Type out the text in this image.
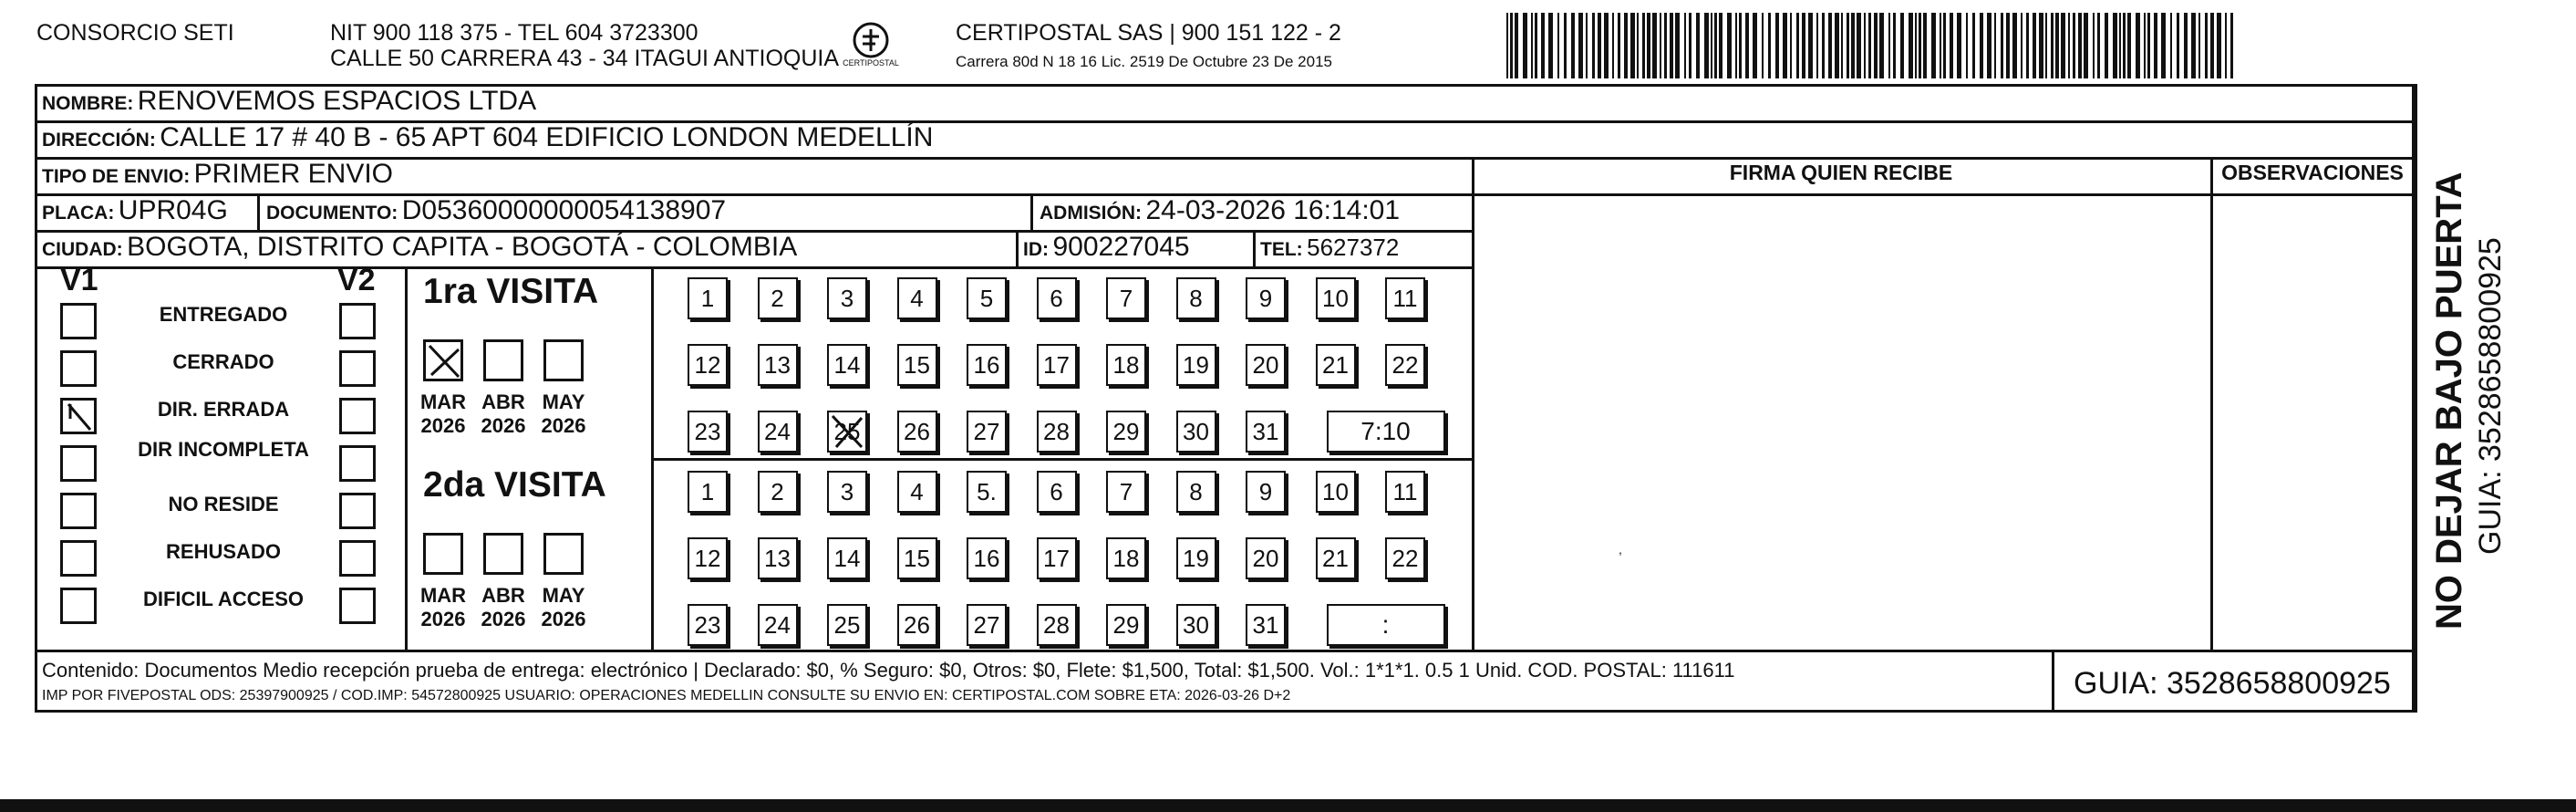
CONSORCIO SETI	NIT 900 118 375 - TEL 604 3723300
CALLE 50 CARRERA 43 - 34 ITAGUI ANTIOQUIA CERTIPOSTAL
CERTIPOSTAL SAS | 900 151 122 - 2
Carrera 80d N 18 16 Lic. 2519 De Octubre 23 De 2015
NOMBRE: RENOVEMOS ESPACIOS LTDA
DIRECCIÓN: CALLE 17 # 40 B - 65 APT 604 EDIFICIO LONDON MEDELLÍN
TIPO DE ENVIO: PRIMER ENVIO
PLACA: UPR04G DOCUMENTO: D05360000000054138907	ADMISIÓN: 24-03-2026 16:14:01
CIUDAD: BOGOTA, DISTRITO CAPITA - BOGOTÁ - COLOMBIA	ID: 900227045	TEL: 5627372
FIRMA QUIEN RECIBE	OBSERVACIONES
,
V1	V2
ENTREGADO
CERRADO
DIR. ERRADA
DIR INCOMPLETA
NO RESIDE
REHUSADO
DIFICIL ACCESO
1ra VISITA
2da VISITA
MAR
2026
ABR
2026
MAY
2026
MAR
2026
ABR
2026
MAY
2026
1	2	3	4	5	6	7	8	9	10	11
12 13 14 15 16 17 18 19 20 21 22
23 24 25 26 27 28 29 30 31	7:10
1	2	3	4	5.	6	7	8	9	10	11
12 13 14 15 16 17 18 19 20 21 22
23 24 25 26 27 28 29 30 31	:
Contenido: Documentos Medio recepción prueba de entrega: electrónico | Declarado: $0, % Seguro: $0, Otros: $0, Flete: $1,500, Total: $1,500. Vol.: 1*1*1. 0.5 1 Unid. COD. POSTAL: 111611
IMP POR FIVEPOSTAL ODS: 25397900925 / COD.IMP: 54572800925 USUARIO: OPERACIONES MEDELLIN CONSULTE SU ENVIO EN: CERTIPOSTAL.COM SOBRE ETA: 2026-03-26 D+2	GUIA: 3528658800925
NO DEJAR BAJO PUERTA GUIA: 3528658800925
